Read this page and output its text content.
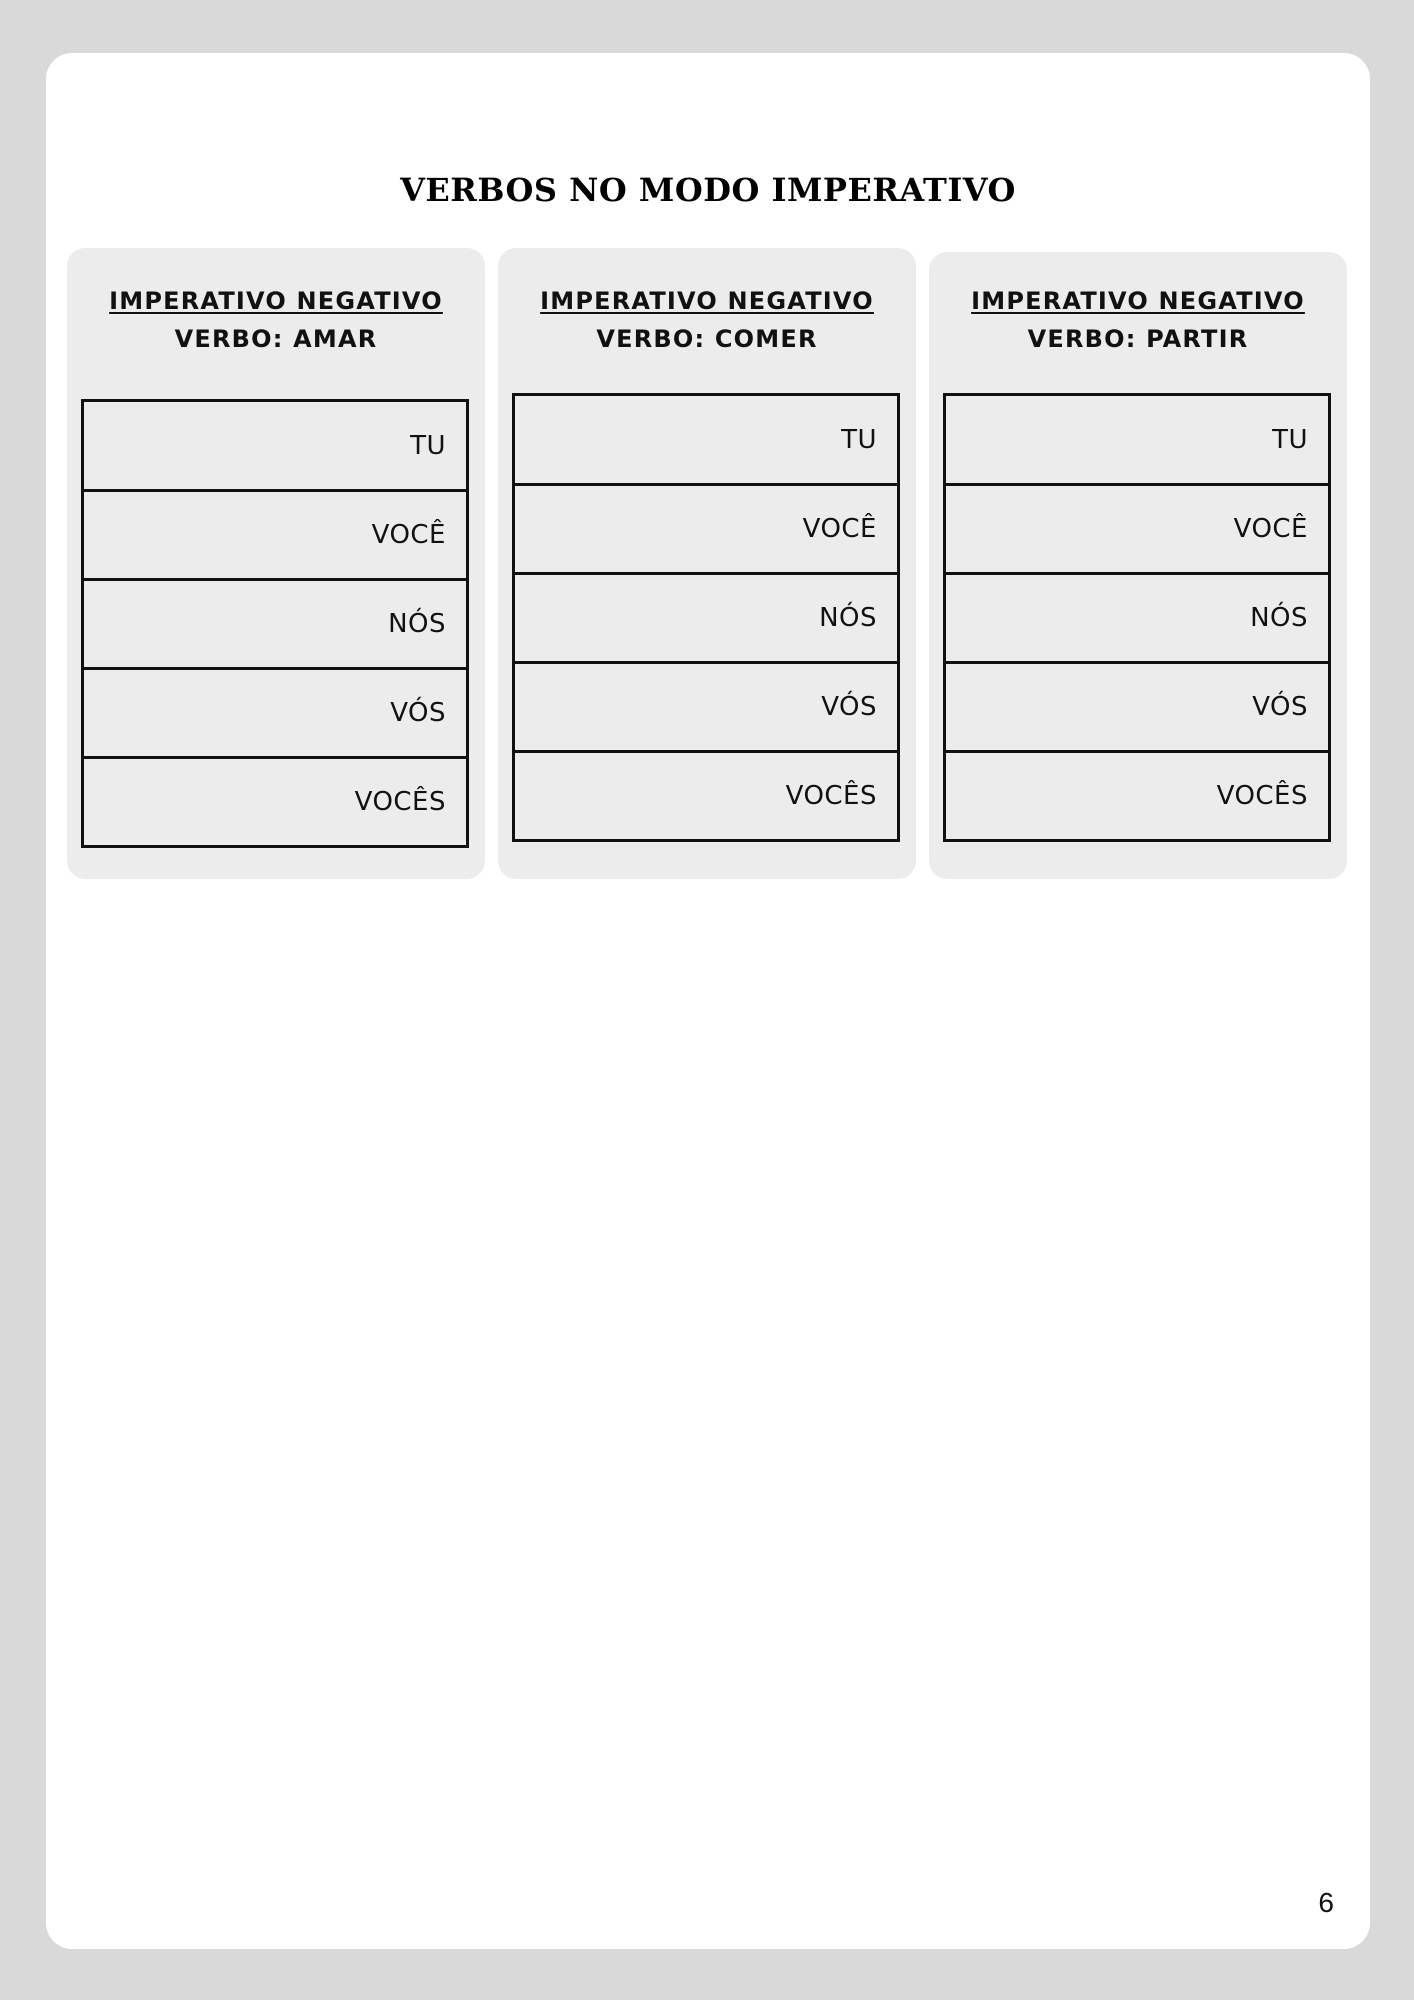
VERBOS NO MODO IMPERATIVO
IMPERATIVO NEGATIVO
VERBO: AMAR
TU
VOCÊ
NÓS
VÓS
VOCÊS
IMPERATIVO NEGATIVO
VERBO: COMER
TU
VOCÊ
NÓS
VÓS
VOCÊS
IMPERATIVO NEGATIVO
VERBO: PARTIR
TU
VOCÊ
NÓS
VÓS
VOCÊS
6
